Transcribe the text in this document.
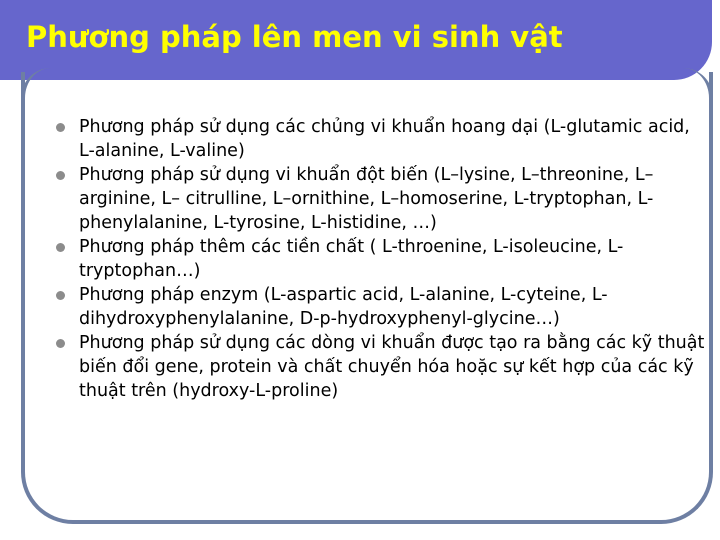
Phương pháp lên men vi sinh vật
Phương pháp sử dụng các chủng vi khuẩn hoang dại (L-glutamic acid, L-alanine, L-valine)
Phương pháp sử dụng vi khuẩn đột biến (L–lysine, L–threonine, L–arginine, L– citrulline, L–ornithine, L–homoserine, L-tryptophan, L-phenylalanine, L-tyrosine, L-histidine, …)
Phương pháp thêm các tiền chất ( L-throenine, L-isoleucine, L-tryptophan…)
Phương pháp enzym (L-aspartic acid, L-alanine, L-cyteine, L-dihydroxyphenylalanine, D-p-hydroxyphenyl-glycine…)
Phương pháp sử dụng các dòng vi khuẩn được tạo ra bằng các kỹ thuật biến đổi gene, protein và chất chuyển hóa hoặc sự kết hợp của các kỹ thuật trên (hydroxy-L-proline)
